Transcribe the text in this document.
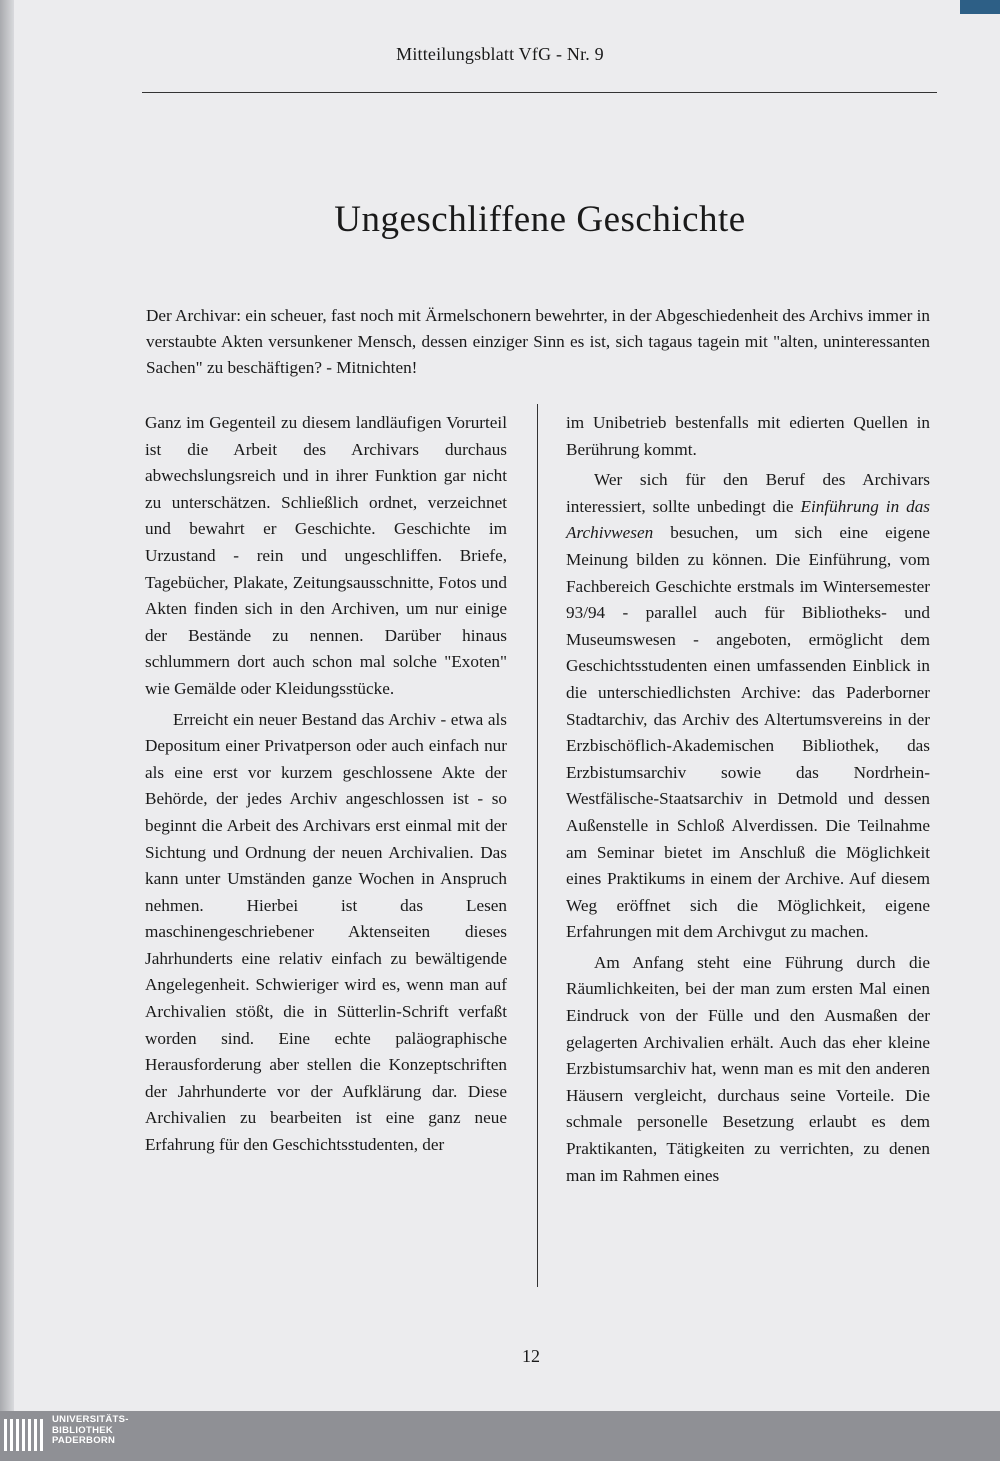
Mitteilungsblatt VfG - Nr. 9
Ungeschliffene Geschichte

Der Archivar: ein scheuer, fast noch mit Ärmelschonern bewehrter, in der Abgeschiedenheit des Archivs immer in verstaubte Akten versunkener Mensch, dessen einziger Sinn es ist, sich tagaus tagein mit "alten, uninteressanten Sachen" zu beschäftigen? - Mitnichten!

Ganz im Gegenteil zu diesem landläufigen Vorurteil ist die Arbeit des Archivars durchaus abwechslungsreich und in ihrer Funktion gar nicht zu unterschätzen. Schließlich ordnet, verzeichnet und bewahrt er Geschichte. Geschichte im Urzustand - rein und ungeschliffen. Briefe, Tagebücher, Plakate, Zeitungsausschnitte, Fotos und Akten finden sich in den Archiven, um nur einige der Bestände zu nennen. Darüber hinaus schlummern dort auch schon mal solche "Exoten" wie Gemälde oder Kleidungsstücke.

Erreicht ein neuer Bestand das Archiv - etwa als Depositum einer Privatperson oder auch einfach nur als eine erst vor kurzem geschlossene Akte der Behörde, der jedes Archiv angeschlossen ist - so beginnt die Arbeit des Archivars erst einmal mit der Sichtung und Ordnung der neuen Archivalien. Das kann unter Umständen ganze Wochen in Anspruch nehmen. Hierbei ist das Lesen maschinengeschriebener Aktenseiten dieses Jahrhunderts eine relativ einfach zu bewältigende Angelegenheit. Schwieriger wird es, wenn man auf Archivalien stößt, die in Sütterlin-Schrift verfaßt worden sind. Eine echte paläographische Herausforderung aber stellen die Konzeptschriften der Jahrhunderte vor der Aufklärung dar. Diese Archivalien zu bearbeiten ist eine ganz neue Erfahrung für den Geschichtsstudenten, der

im Unibetrieb bestenfalls mit edierten Quellen in Berührung kommt.

Wer sich für den Beruf des Archivars interessiert, sollte unbedingt die Einführung in das Archivwesen besuchen, um sich eine eigene Meinung bilden zu können. Die Einführung, vom Fachbereich Geschichte erstmals im Wintersemester 93/94 - parallel auch für Bibliotheks- und Museumswesen - angeboten, ermöglicht dem Geschichtsstudenten einen umfassenden Einblick in die unterschiedlichsten Archive: das Paderborner Stadtarchiv, das Archiv des Altertumsvereins in der Erzbischöflich-Akademischen Bibliothek, das Erzbistumsarchiv sowie das Nordrhein-Westfälische-Staatsarchiv in Detmold und dessen Außenstelle in Schloß Alverdissen. Die Teilnahme am Seminar bietet im Anschluß die Möglichkeit eines Praktikums in einem der Archive. Auf diesem Weg eröffnet sich die Möglichkeit, eigene Erfahrungen mit dem Archivgut zu machen.

Am Anfang steht eine Führung durch die Räumlichkeiten, bei der man zum ersten Mal einen Eindruck von der Fülle und den Ausmaßen der gelagerten Archivalien erhält. Auch das eher kleine Erzbistumsarchiv hat, wenn man es mit den anderen Häusern vergleicht, durchaus seine Vorteile. Die schmale personelle Besetzung erlaubt es dem Praktikanten, Tätigkeiten zu verrichten, zu denen man im Rahmen eines

12
UNIVERSITÄTS-
BIBLIOTHEK
PADERBORN
